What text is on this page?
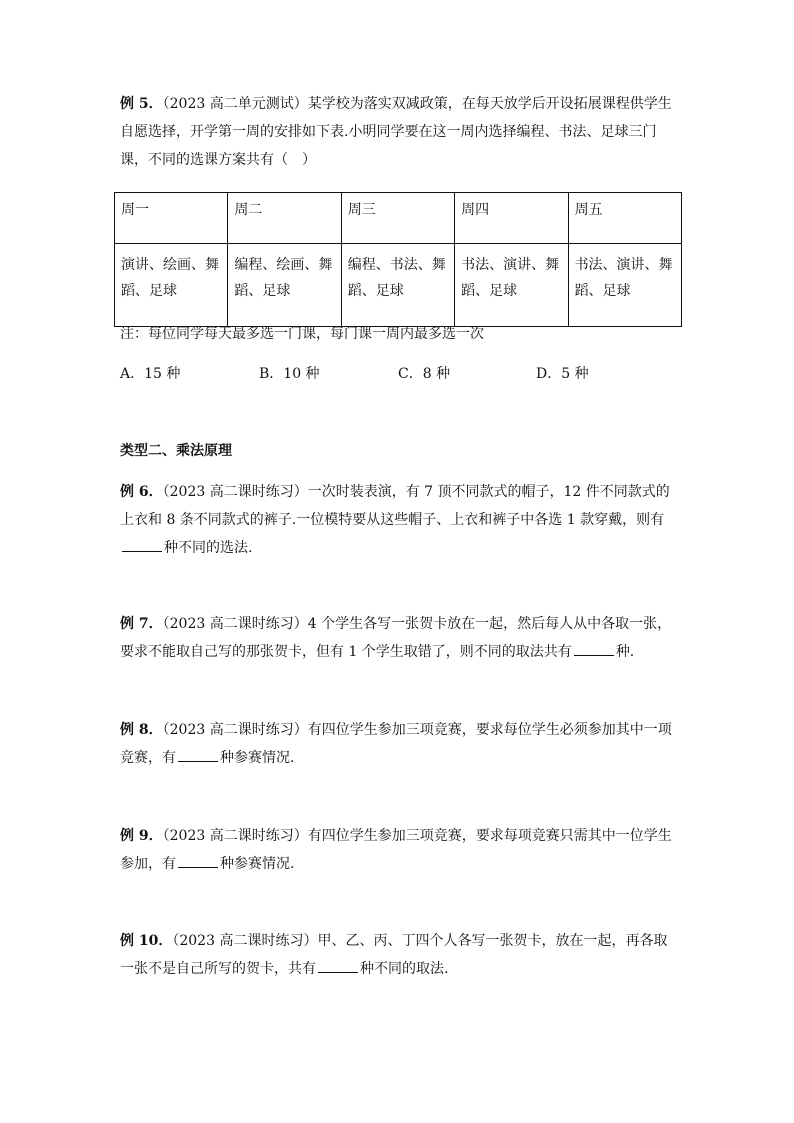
例 5．（2023 高二单元测试）某学校为落实双减政策，在每天放学后开设拓展课程供学生自愿选择，开学第一周的安排如下表.小明同学要在这一周内选择编程、书法、足球三门课，不同的选课方案共有（　）

周一	周二	周三	周四	周五
演讲、绘画、舞蹈、足球	编程、绘画、舞蹈、足球	编程、书法、舞蹈、足球	书法、演讲、舞蹈、足球	书法、演讲、舞蹈、足球

注：每位同学每天最多选一门课，每门课一周内最多选一次

A．15 种	B．10 种	C．8 种	D．5 种

类型二、乘法原理

例 6．（2023 高二课时练习）一次时装表演，有 7 顶不同款式的帽子，12 件不同款式的上衣和 8 条不同款式的裤子.一位模特要从这些帽子、上衣和裤子中各选 1 款穿戴，则有种不同的选法.

例 7．（2023 高二课时练习）4 个学生各写一张贺卡放在一起，然后每人从中各取一张，要求不能取自己写的那张贺卡，但有 1 个学生取错了，则不同的取法共有	种.

例 8．（2023 高二课时练习）有四位学生参加三项竞赛，要求每位学生必须参加其中一项竞赛，有	种参赛情况.

例 9．（2023 高二课时练习）有四位学生参加三项竞赛，要求每项竞赛只需其中一位学生参加，有	种参赛情况.

例 10．（2023 高二课时练习）甲、乙、丙、丁四个人各写一张贺卡，放在一起，再各取一张不是自己所写的贺卡，共有	种不同的取法.
